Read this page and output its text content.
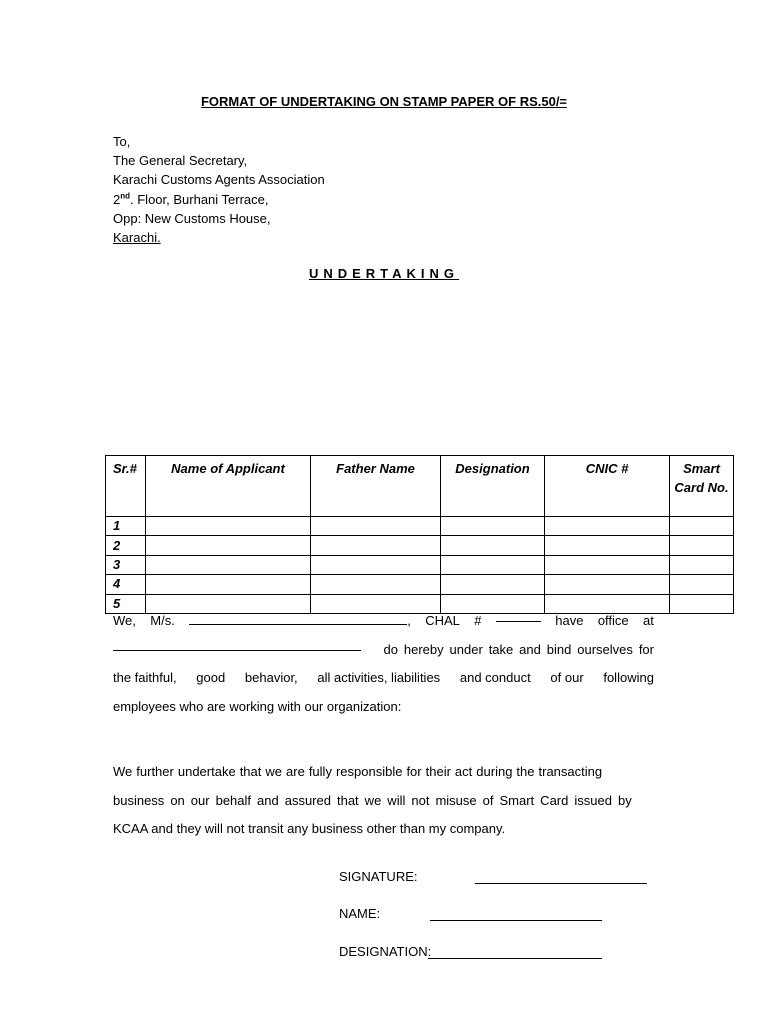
FORMAT OF UNDERTAKING ON STAMP PAPER OF RS.50/=
To,
The General Secretary,
Karachi Customs Agents Association
2nd. Floor, Burhani Terrace,
Opp: New Customs House,
Karachi.
UNDERTAKING
Sr.#	Name of Applicant	Father Name	Designation	CNIC #	Smart Card No.
1					
2					
3					
4					
5					
We, M/s.	, CHAL #	have office at
do hereby under take and bind ourselves for
the faithful, good behavior, all activities, liabilities and conduct of our following
employees who are working with our organization:
We further undertake that we are fully responsible for their act during the transacting
business on our behalf and assured that we will not misuse of Smart Card issued by
KCAA and they will not transit any business other than my company.
SIGNATURE:
NAME:
DESIGNATION:
